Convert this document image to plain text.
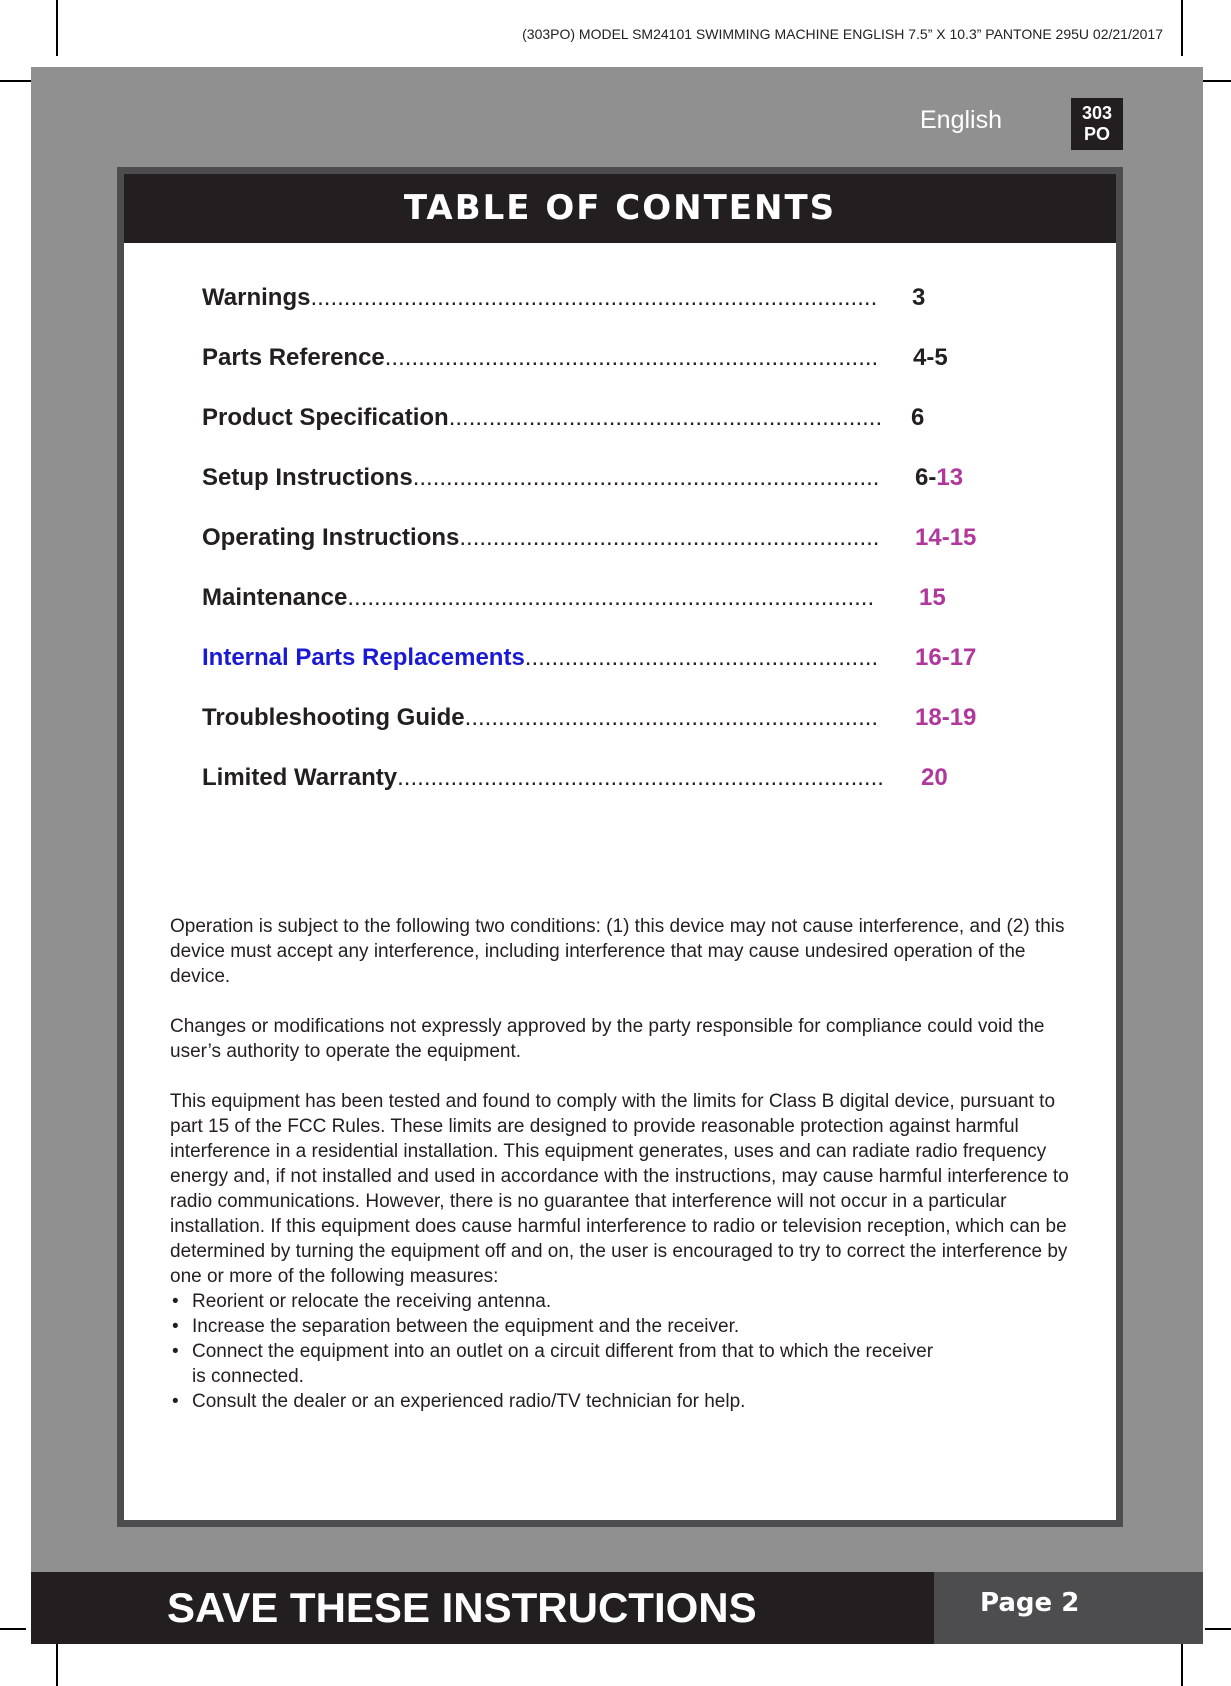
(303PO) MODEL SM24101 SWIMMING MACHINE ENGLISH 7.5” X 10.3” PANTONE 295U 02/21/2017
English	303
PO
TABLE OF CONTENTS
Warnings..................................................................................... 3
Parts Reference.......................................................................... 4-5
Product Specification................................................................. 6
Setup Instructions...................................................................... 6-13
Operating Instructions............................................................... 14-15
Maintenance............................................................................... 15
Internal Parts Replacements..................................................... 16-17
Troubleshooting Guide.............................................................. 18-19
Limited Warranty......................................................................... 20

Operation is subject to the following two conditions: (1) this device may not cause interference, and (2) this device must accept any interference, including interference that may cause undesired operation of the device.

Changes or modifications not expressly approved by the party responsible for compliance could void the user’s authority to operate the equipment.

This equipment has been tested and found to comply with the limits for Class B digital device, pursuant to part 15 of the FCC Rules. These limits are designed to provide reasonable protection against harmful interference in a residential installation. This equipment generates, uses and can radiate radio frequency energy and, if not installed and used in accordance with the instructions, may cause harmful interference to radio communications. However, there is no guarantee that interference will not occur in a particular installation. If this equipment does cause harmful interference to radio or television reception, which can be determined by turning the equipment off and on, the user is encouraged to try to correct the interference by one or more of the following measures:

• Reorient or relocate the receiving antenna.
• Increase the separation between the equipment and the receiver.
• Connect the equipment into an outlet on a circuit different from that to which the receiver is connected.
• Consult the dealer or an experienced radio/TV technician for help.
SAVE THESE INSTRUCTIONS	Page 2
